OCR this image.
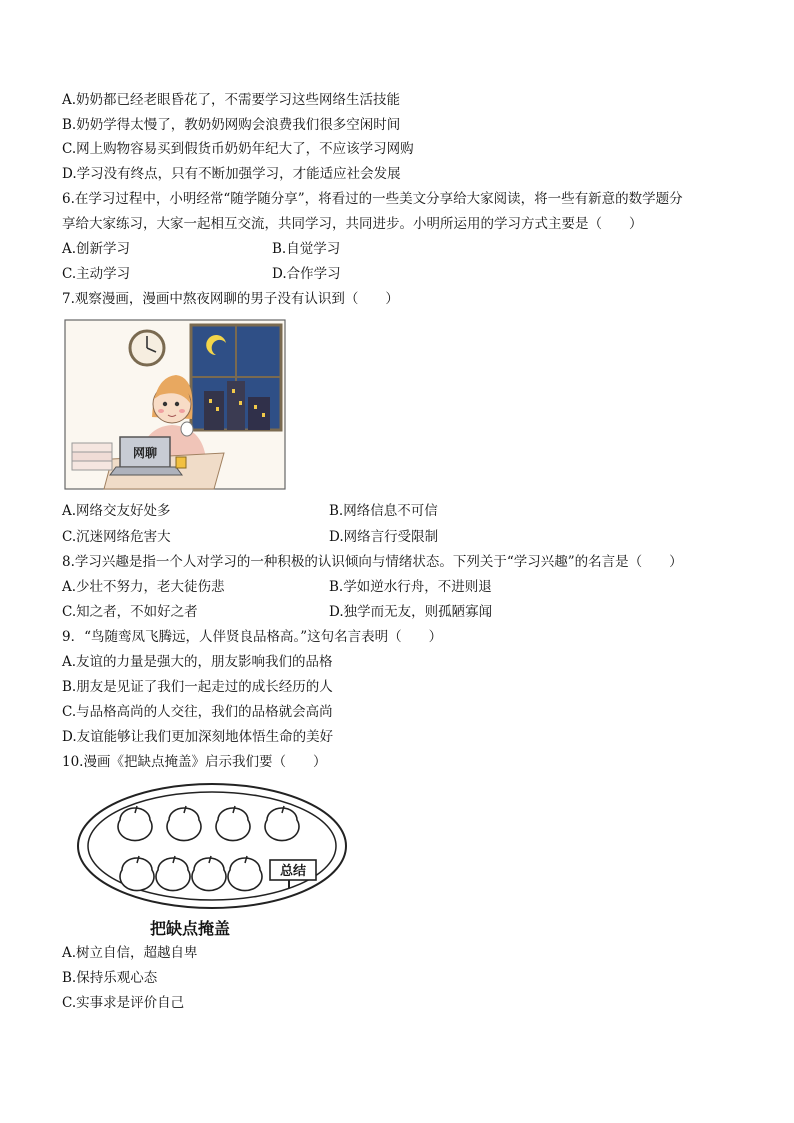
A.奶奶都已经老眼昏花了，不需要学习这些网络生活技能
B.奶奶学得太慢了，教奶奶网购会浪费我们很多空闲时间
C.网上购物容易买到假货币奶奶年纪大了，不应该学习网购
D.学习没有终点，只有不断加强学习，才能适应社会发展
6.在学习过程中，小明经常“随学随分享”，将看过的一些美文分享给大家阅读，将一些有新意的数学题分
享给大家练习，大家一起相互交流，共同学习，共同进步。小明所运用的学习方式主要是（　　）
A.创新学习	B.自觉学习
C.主动学习	D.合作学习
7.观察漫画，漫画中熬夜网聊的男子没有认识到（　　）
网聊
A.网络交友好处多	B.网络信息不可信
C.沉迷网络危害大	D.网络言行受限制
8.学习兴趣是指一个人对学习的一种积极的认识倾向与情绪状态。下列关于“学习兴趣”的名言是（　　）
A.少壮不努力，老大徒伤悲	B.学如逆水行舟，不进则退
C.知之者，不如好之者	D.独学而无友，则孤陋寡闻
9．“鸟随鸾凤飞腾远，人伴贤良品格高。”这句名言表明（　　）
A.友谊的力量是强大的，朋友影响我们的品格
B.朋友是见证了我们一起走过的成长经历的人
C.与品格高尚的人交往，我们的品格就会高尚
D.友谊能够让我们更加深刻地体悟生命的美好
10.漫画《把缺点掩盖》启示我们要（　　）
总结
把缺点掩盖
A.树立自信，超越自卑
B.保持乐观心态
C.实事求是评价自己
